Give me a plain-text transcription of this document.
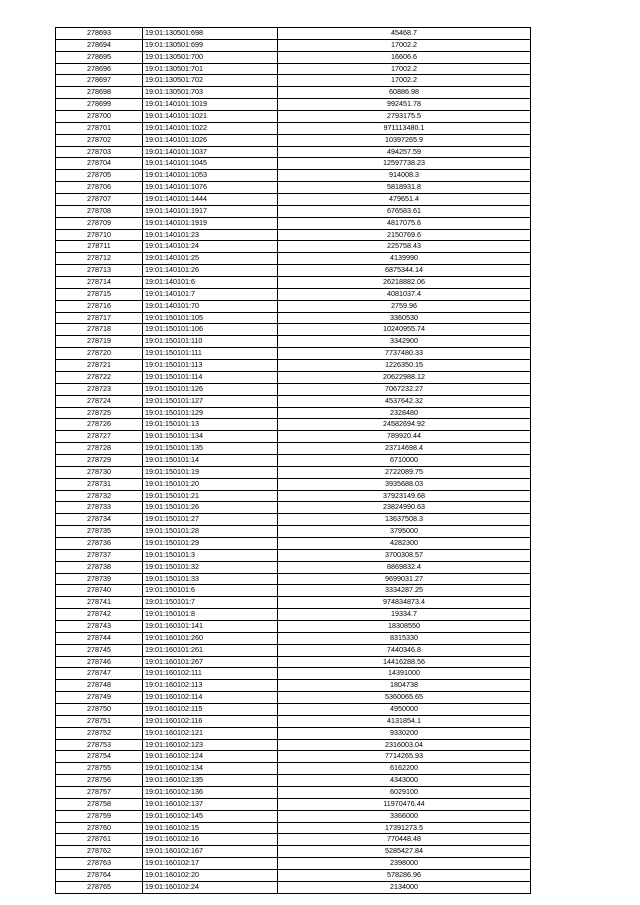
278693	19:01:130501:698	45468.7
278694	19:01:130501:699	17002.2
278695	19:01:130501:700	16606.6
278696	19:01:130501:701	17002.2
278697	19:01:130501:702	17002.2
278698	19:01:130501:703	60886.98
278699	19:01:140101:1019	992451.78
278700	19:01:140101:1021	2793175.5
278701	19:01:140101:1022	971113480.1
278702	19:01:140101:1026	10397265.9
278703	19:01:140101:1037	494257.59
278704	19:01:140101:1045	12597738.23
278705	19:01:140101:1053	914008.3
278706	19:01:140101:1076	5818931.8
278707	19:01:140101:1444	479651.4
278708	19:01:140101:1917	676583.61
278709	19:01:140101:1919	4817075.6
278710	19:01:140101:23	2150769.6
278711	19:01:140101:24	225758.43
278712	19:01:140101:25	4139990
278713	19:01:140101:26	6875344.14
278714	19:01:140101:6	26218882.06
278715	19:01:140101:7	4081037.4
278716	19:01:140101:70	2759.96
278717	19:01:150101:105	3360530
278718	19:01:150101:106	10240955.74
278719	19:01:150101:110	3342900
278720	19:01:150101:111	7737480.33
278721	19:01:150101:113	1226350.15
278722	19:01:150101:114	20622988.12
278723	19:01:150101:126	7067232.27
278724	19:01:150101:127	4537642.32
278725	19:01:150101:129	2328480
278726	19:01:150101:13	24582694.92
278727	19:01:150101:134	789920.44
278728	19:01:150101:135	23714698.4
278729	19:01:150101:14	6710000
278730	19:01:150101:19	2722089.75
278731	19:01:150101:20	3935688.03
278732	19:01:150101:21	37923149.68
278733	19:01:150101:26	23824990.63
278734	19:01:150101:27	13637508.3
278735	19:01:150101:28	3795000
278736	19:01:150101:29	4282300
278737	19:01:150101:3	3700308.57
278738	19:01:150101:32	8869832.4
278739	19:01:150101:33	9699031.27
278740	19:01:150101:6	3334287.25
278741	19:01:150101:7	974834873.4
278742	19:01:150101:8	19334.7
278743	19:01:160101:141	18308550
278744	19:01:160101:260	8315330
278745	19:01:160101:261	7440346.8
278746	19:01:160101:267	14416288.56
278747	19:01:160102:111	14391000
278748	19:01:160102:113	1804738
278749	19:01:160102:114	5360065.65
278750	19:01:160102:115	4950000
278751	19:01:160102:116	4131854.1
278752	19:01:160102:121	9330200
278753	19:01:160102:123	2316003.04
278754	19:01:160102:124	7714265.93
278755	19:01:160102:134	6162200
278756	19:01:160102:135	4343000
278757	19:01:160102:136	6029100
278758	19:01:160102:137	11970476.44
278759	19:01:160102:145	3366000
278760	19:01:160102:15	17391273.5
278761	19:01:160102:16	770448.48
278762	19:01:160102:167	5285427.84
278763	19:01:160102:17	2398000
278764	19:01:160102:20	578286.96
278765	19:01:160102:24	2134000
